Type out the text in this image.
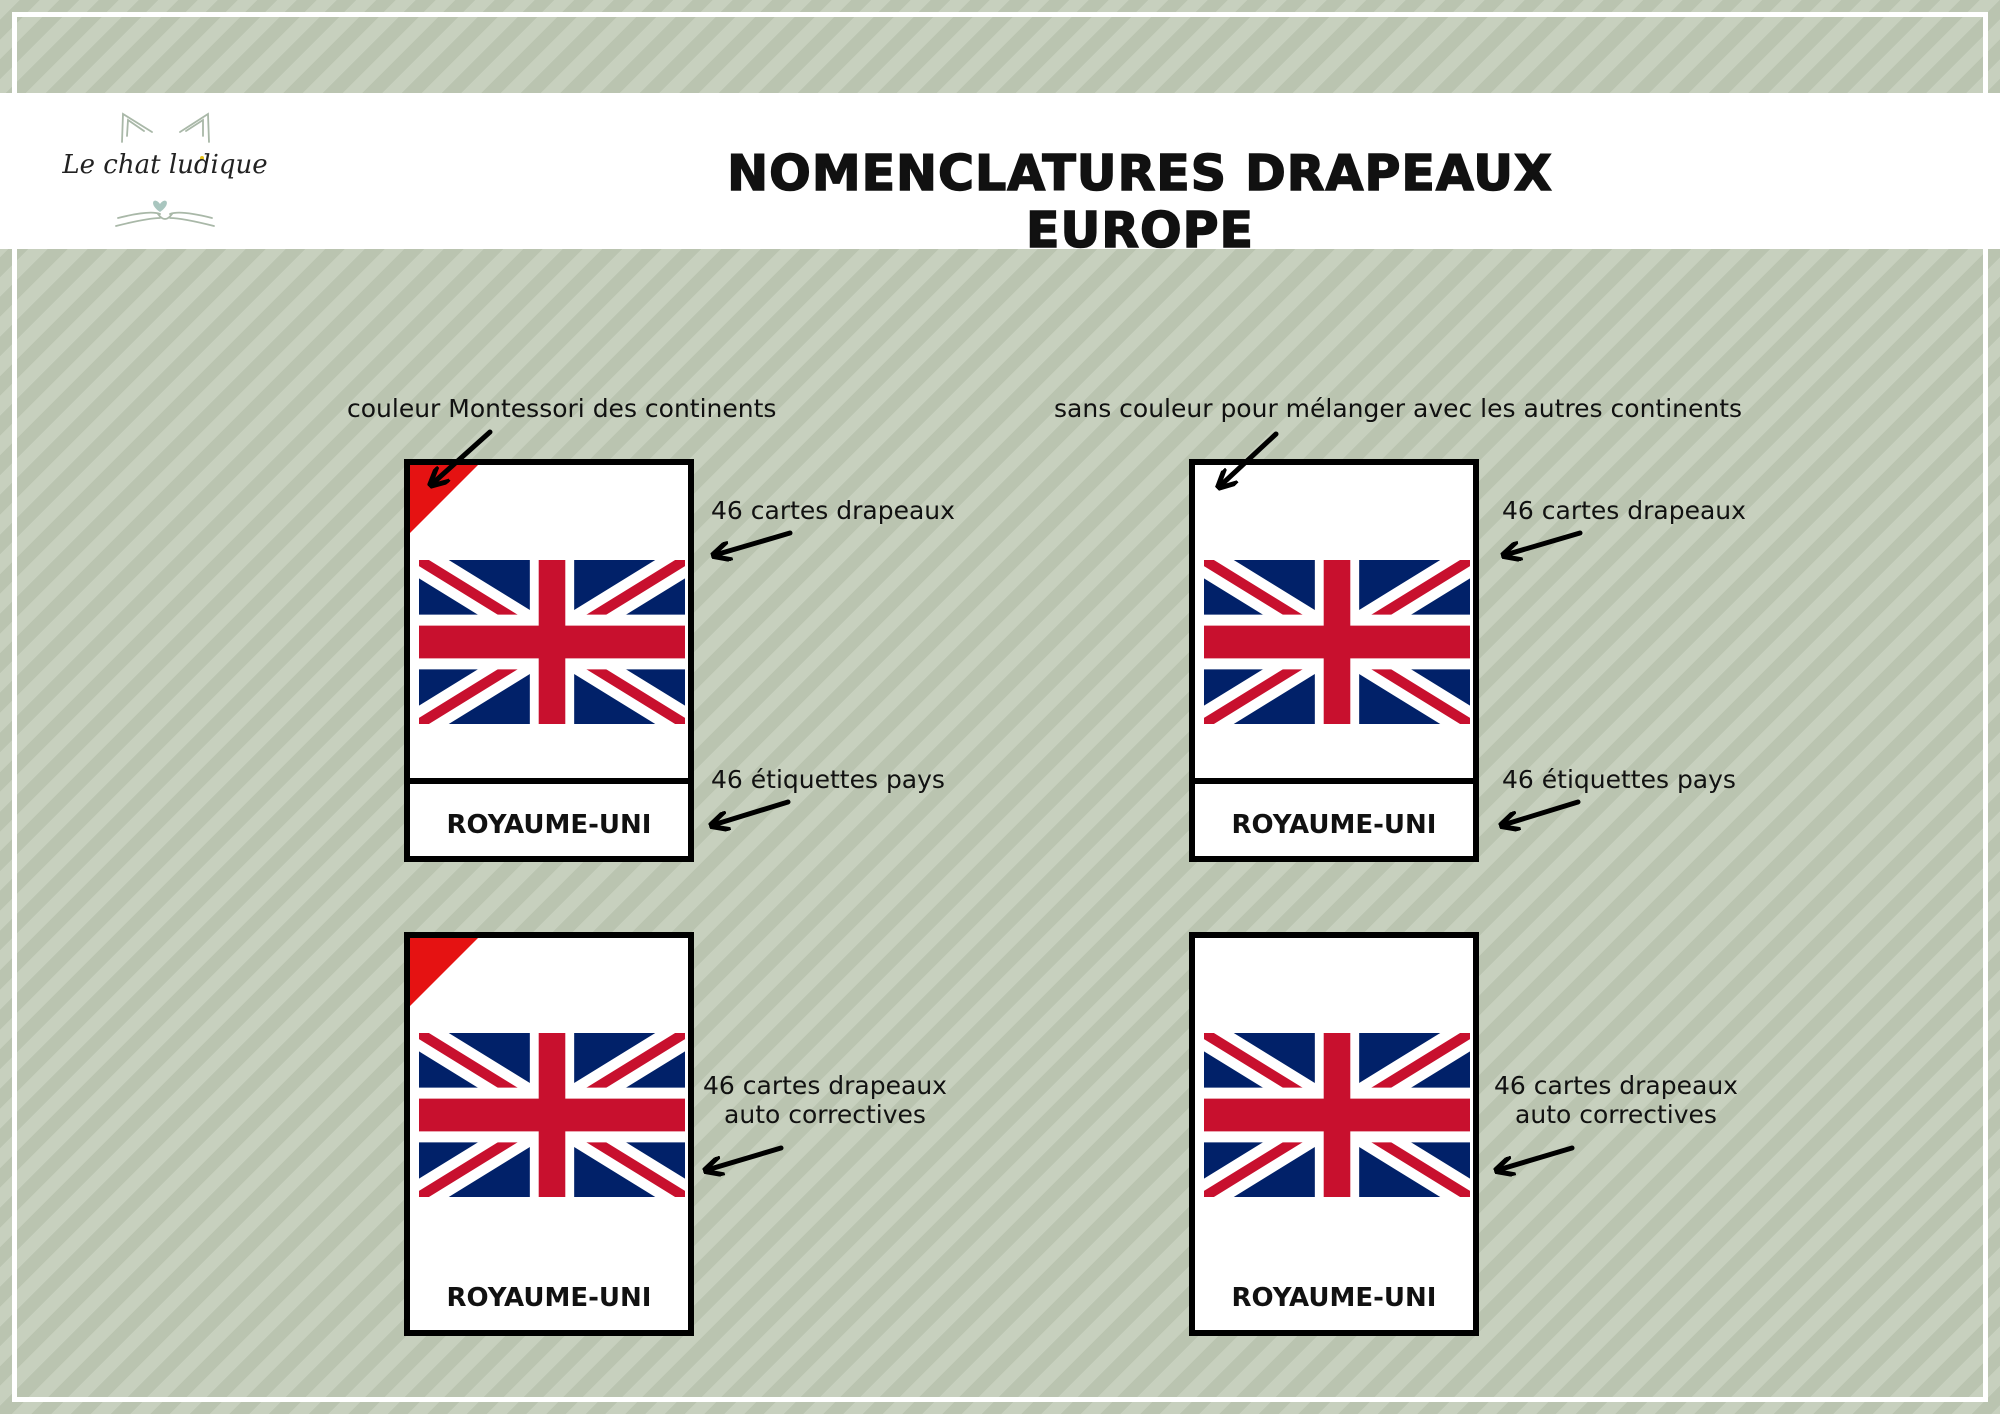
Le chat ludique	NOMENCLATURES DRAPEAUX EUROPE
couleur Montessori des continents	sans couleur pour mélanger avec les autres continents
46 cartes drapeaux	46 cartes drapeaux
46 étiquettes pays	46 étiquettes pays
46 cartes drapeaux
auto correctives
46 cartes drapeaux
auto correctives
ROYAUME-UNI	ROYAUME-UNI
ROYAUME-UNI	ROYAUME-UNI
